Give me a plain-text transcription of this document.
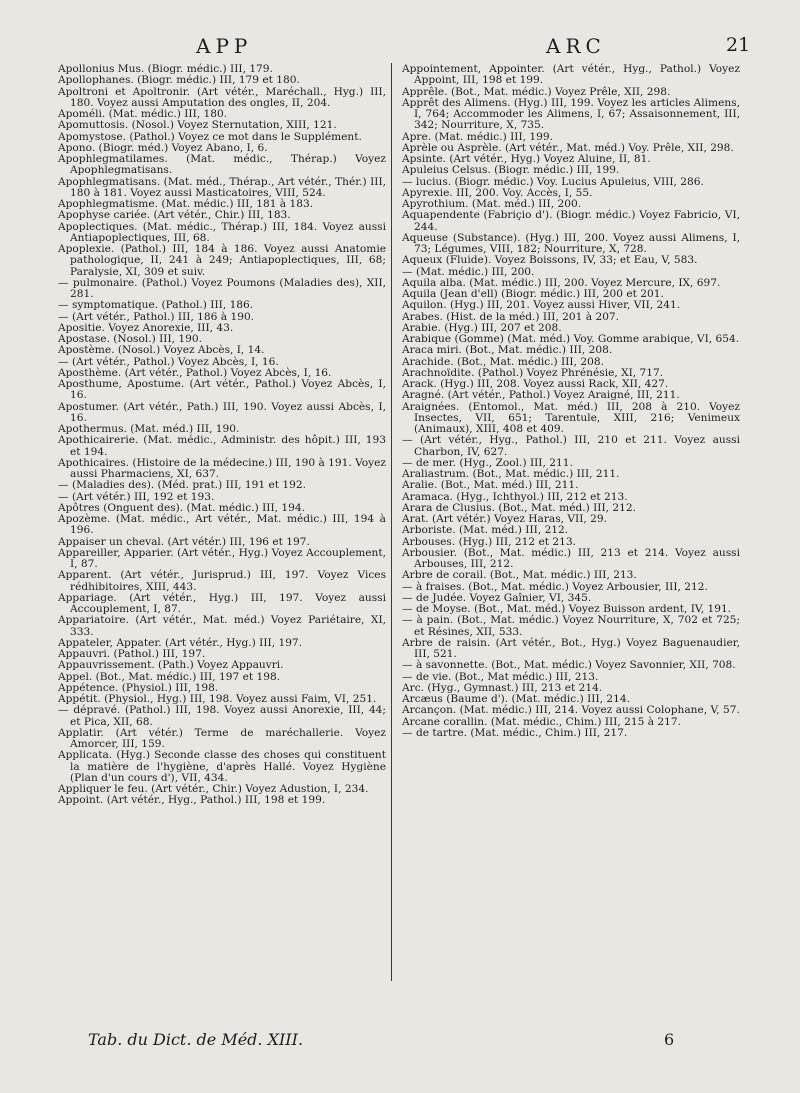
APP	ARC	21

Apollonius Mus. (Biogr. médic.) III, 179.

Apollophanes. (Biogr. médic.) III, 179 et 180.

Apoltroni et Apoltronir. (Art vétér., Maréchall., Hyg.) III, 180. Voyez aussi Amputation des ongles, II, 204.

Apoméli. (Mat. médic.) III, 180.

Apomuttosis. (Nosol.) Voyez Sternutation, XIII, 121.

Apomystose. (Pathol.) Voyez ce mot dans le Supplément.

Apono. (Biogr. méd.) Voyez Abano, I, 6.

Apophlegmatilames. (Mat. médic., Thérap.) Voyez Apophlegmatisans.

Apophlegmatisans. (Mat. méd., Thérap., Art vétér., Thér.) III, 180 à 181. Voyez aussi Masticatoires, VIII, 524.

Apophlegmatisme. (Mat. médic.) III, 181 à 183.

Apophyse cariée. (Art vétér., Chir.) III, 183.

Apoplectiques. (Mat. médic., Thérap.) III, 184. Voyez aussi Antiapoplectiques, III, 68.

Apoplexie. (Pathol.) III, 184 à 186. Voyez aussi Anatomie pathologique, II, 241 à 249; Antiapoplectiques, III, 68; Paralysie, XI, 309 et suiv.

— pulmonaire. (Pathol.) Voyez Poumons (Maladies des), XII, 281.

— symptomatique. (Pathol.) III, 186.

— (Art vétér., Pathol.) III, 186 à 190.

Apositie. Voyez Anorexie, III, 43.

Apostase. (Nosol.) III, 190.

Apostème. (Nosol.) Voyez Abcès, I, 14.

— (Art vétér., Pathol.) Voyez Abcès, I, 16.

Aposthème. (Art vétér., Pathol.) Voyez Abcès, I, 16.

Aposthume, Apostume. (Art vétér., Pathol.) Voyez Abcès, I, 16.

Apostumer. (Art vétér., Path.) III, 190. Voyez aussi Abcès, I, 16.

Apothermus. (Mat. méd.) III, 190.

Apothicairerie. (Mat. médic., Administr. des hôpit.) III, 193 et 194.

Apothicaires. (Histoire de la médecine.) III, 190 à 191. Voyez aussi Pharmaciens, XI, 637.

— (Maladies des). (Méd. prat.) III, 191 et 192.

— (Art vétér.) III, 192 et 193.

Apôtres (Onguent des). (Mat. médic.) III, 194.

Apozème. (Mat. médic., Art vétér., Mat. médic.) III, 194 à 196.

Appaiser un cheval. (Art vétér.) III, 196 et 197.

Appareiller, Apparier. (Art vétér., Hyg.) Voyez Accouplement, I, 87.

Apparent. (Art vétér., Jurisprud.) III, 197. Voyez Vices rédhibitoires, XIII, 443.

Appariage. (Art vétér., Hyg.) III, 197. Voyez aussi Accouplement, I, 87.

Appariatoire. (Art vétér., Mat. méd.) Voyez Pariétaire, XI, 333.

Appateler, Appater. (Art vétér., Hyg.) III, 197.

Appauvri. (Pathol.) III, 197.

Appauvrissement. (Path.) Voyez Appauvri.

Appel. (Bot., Mat. médic.) III, 197 et 198.

Appétence. (Physiol.) III, 198.

Appétit. (Physiol., Hyg.) III, 198. Voyez aussi Faim, VI, 251.

— dépravé. (Pathol.) III, 198. Voyez aussi Anorexie, III, 44; et Pica, XII, 68.

Applatir. (Art vétér.) Terme de maréchallerie. Voyez Amorcer, III, 159.

Applicata. (Hyg.) Seconde classe des choses qui constituent la matière de l'hygiène, d'après Hallé. Voyez Hygiène (Plan d'un cours d'), VII, 434.

Appliquer le feu. (Art vétér., Chir.) Voyez Adustion, I, 234.

Appoint. (Art vétér., Hyg., Pathol.) III, 198 et 199.

Appointement, Appointer. (Art vétér., Hyg., Pathol.) Voyez Appoint, III, 198 et 199.

Apprêle. (Bot., Mat. médic.) Voyez Prêle, XII, 298.

Apprêt des Alimens. (Hyg.) III, 199. Voyez les articles Alimens, I, 764; Accommoder les Alimens, I, 67; Assaisonnement, III, 342; Nourriture, X, 735.

Apre. (Mat. médic.) III, 199.

Aprèle ou Asprèle. (Art vétér., Mat. méd.) Voy. Prêle, XII, 298.

Apsinte. (Art vétér., Hyg.) Voyez Aluine, II, 81.

Apuleius Celsus. (Biogr. médic.) III, 199.

— lucius. (Biogr. médic.) Voy. Lucius Apuleius, VIII, 286.

Apyrexie. III, 200. Voy. Accès, I, 55.

Apyrothium. (Mat. méd.) III, 200.

Aquapendente (Fabriçio d'). (Biogr. médic.) Voyez Fabricio, VI, 244.

Aqueuse (Substance). (Hyg.) III, 200. Voyez aussi Alimens, I, 73; Légumes, VIII, 182; Nourriture, X, 728.

Aqueux (Fluide). Voyez Boissons, IV, 33; et Eau, V, 583.

— (Mat. médic.) III, 200.

Aquila alba. (Mat. médic.) III, 200. Voyez Mercure, IX, 697.

Aquila (Jean d'ell) (Biogr. médic.) III, 200 et 201.

Aquilon. (Hyg.) III, 201. Voyez aussi Hiver, VII, 241.

Arabes. (Hist. de la méd.) III, 201 à 207.

Arabie. (Hyg.) III, 207 et 208.

Arabique (Gomme) (Mat. méd.) Voy. Gomme arabique, VI, 654.

Araca miri. (Bot., Mat. médic.) III, 208.

Arachide. (Bot., Mat. médic.) III, 208.

Arachnoïdite. (Pathol.) Voyez Phrénésie, XI, 717.

Arack. (Hyg.) III, 208. Voyez aussi Rack, XII, 427.

Aragné. (Art vétér., Pathol.) Voyez Araigné, III, 211.

Araignées. (Entomol., Mat. méd.) III, 208 à 210. Voyez Insectes, VII, 651; Tarentule, XIII, 216; Venimeux (Animaux), XIII, 408 et 409.

— (Art vétér., Hyg., Pathol.) III, 210 et 211. Voyez aussi Charbon, IV, 627.

— de mer. (Hyg., Zool.) III, 211.

Araliastrum. (Bot., Mat. médic.) III, 211.

Aralie. (Bot., Mat. méd.) III, 211.

Aramaca. (Hyg., Ichthyol.) III, 212 et 213.

Arara de Clusius. (Bot., Mat. méd.) III, 212.

Arat. (Art vétér.) Voyez Haras, VII, 29.

Arboriste. (Mat. méd.) III, 212.

Arbouses. (Hyg.) III, 212 et 213.

Arbousier. (Bot., Mat. médic.) III, 213 et 214. Voyez aussi Arbouses, III, 212.

Arbre de corail. (Bot., Mat. médic.) III, 213.

— à fraises. (Bot., Mat. médic.) Voyez Arbousier, III, 212.

— de Judée. Voyez Gaînier, VI, 345.

— de Moyse. (Bot., Mat. méd.) Voyez Buisson ardent, IV, 191.

— à pain. (Bot., Mat. médic.) Voyez Nourriture, X, 702 et 725; et Résines, XII, 533.

Arbre de raisin. (Art vétér., Bot., Hyg.) Voyez Baguenaudier, III, 521.

— à savonnette. (Bot., Mat. médic.) Voyez Savonnier, XII, 708.

— de vie. (Bot., Mat médic.) III, 213.

Arc. (Hyg., Gymnast.) III, 213 et 214.

Arcæus (Baume d'). (Mat. médic.) III, 214.

Arcançon. (Mat. médic.) III, 214. Voyez aussi Colophane, V, 57.

Arcane corallin. (Mat. médic., Chim.) III, 215 à 217.

— de tartre. (Mat. médic., Chim.) III, 217.

Tab. du Dict. de Méd. XIII.	6
